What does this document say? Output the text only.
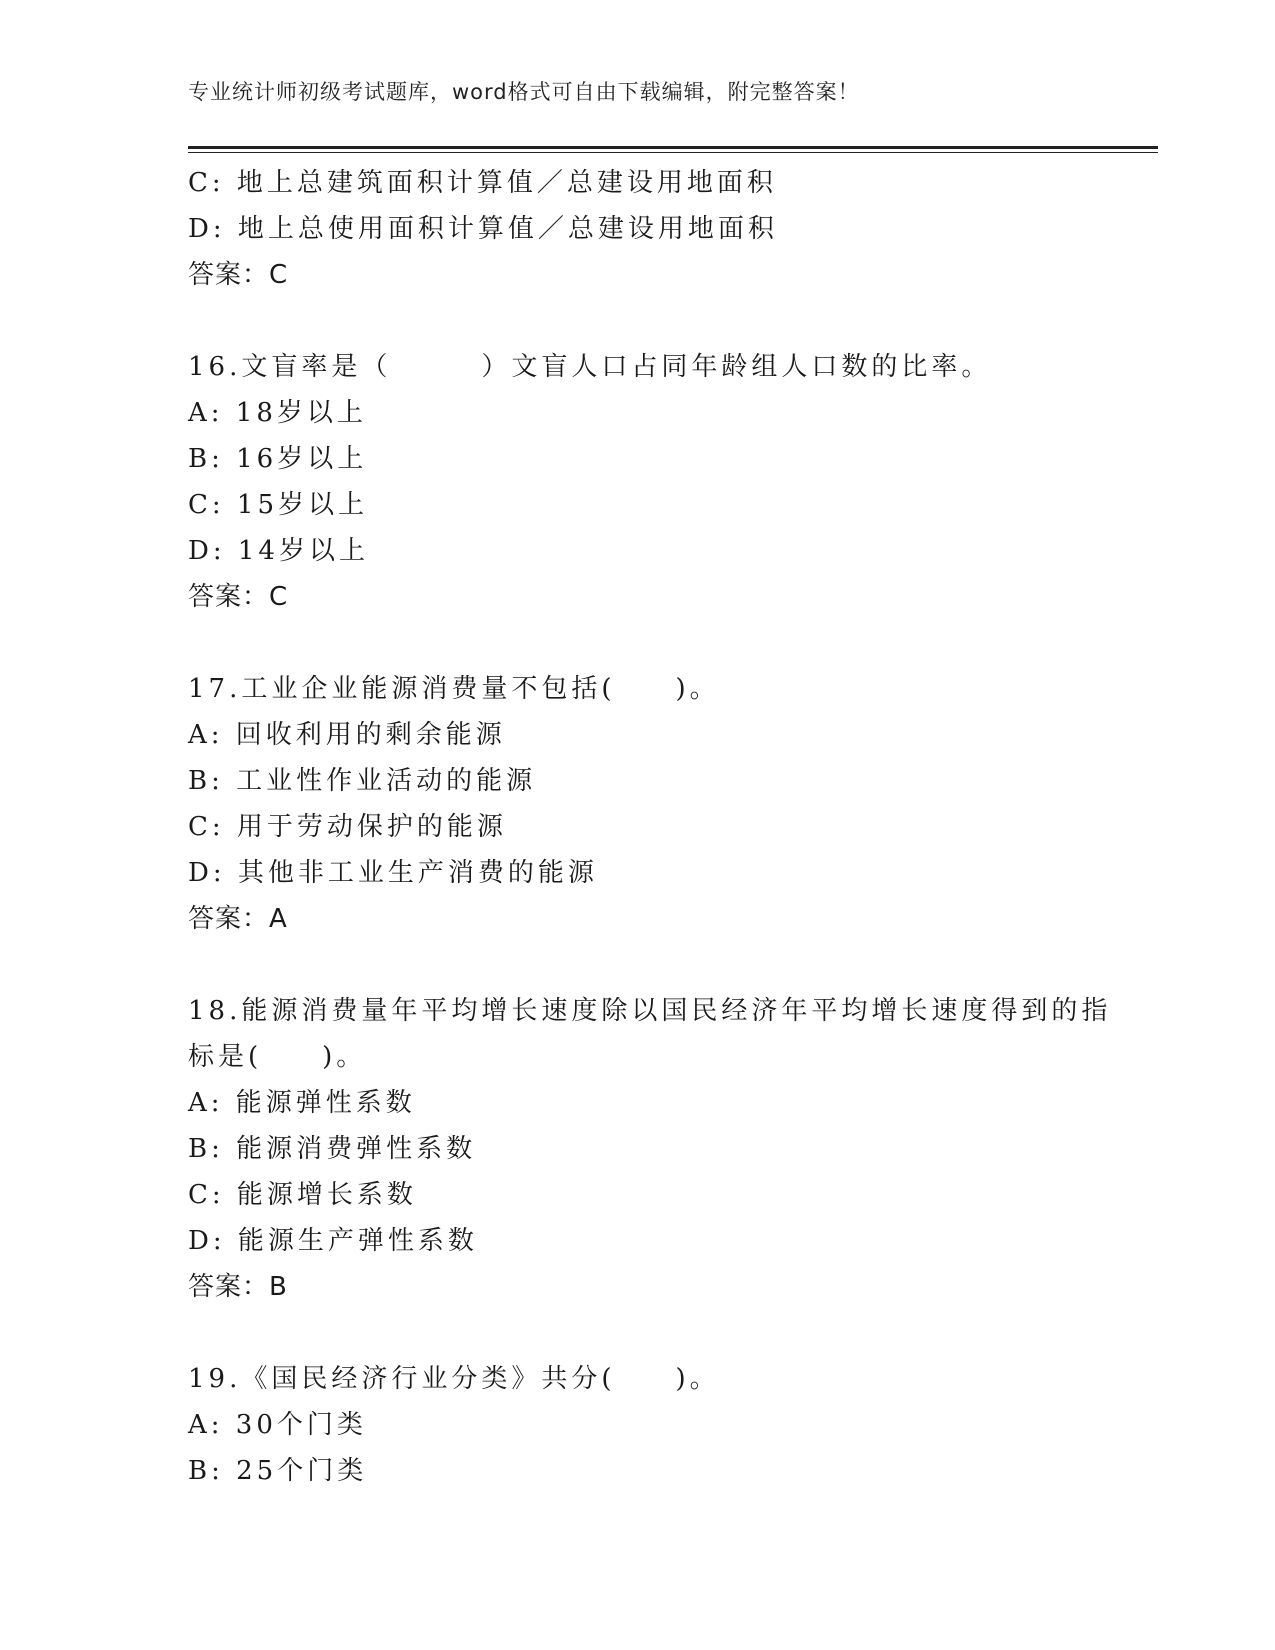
专业统计师初级考试题库，word格式可自由下载编辑，附完整答案！
C: 地上总建筑面积计算值／总建设用地面积
D: 地上总使用面积计算值／总建设用地面积
答案：C
16.文盲率是（　　　）文盲人口占同年龄组人口数的比率。
A: 18岁以上
B: 16岁以上
C: 15岁以上
D: 14岁以上
答案：C
17.工业企业能源消费量不包括(　　)。
A: 回收利用的剩余能源
B: 工业性作业活动的能源
C: 用于劳动保护的能源
D: 其他非工业生产消费的能源
答案：A
18.能源消费量年平均增长速度除以国民经济年平均增长速度得到的指
标是(　　)。
A: 能源弹性系数
B: 能源消费弹性系数
C: 能源增长系数
D: 能源生产弹性系数
答案：B
19.《国民经济行业分类》共分(　　)。
A: 30个门类
B: 25个门类
